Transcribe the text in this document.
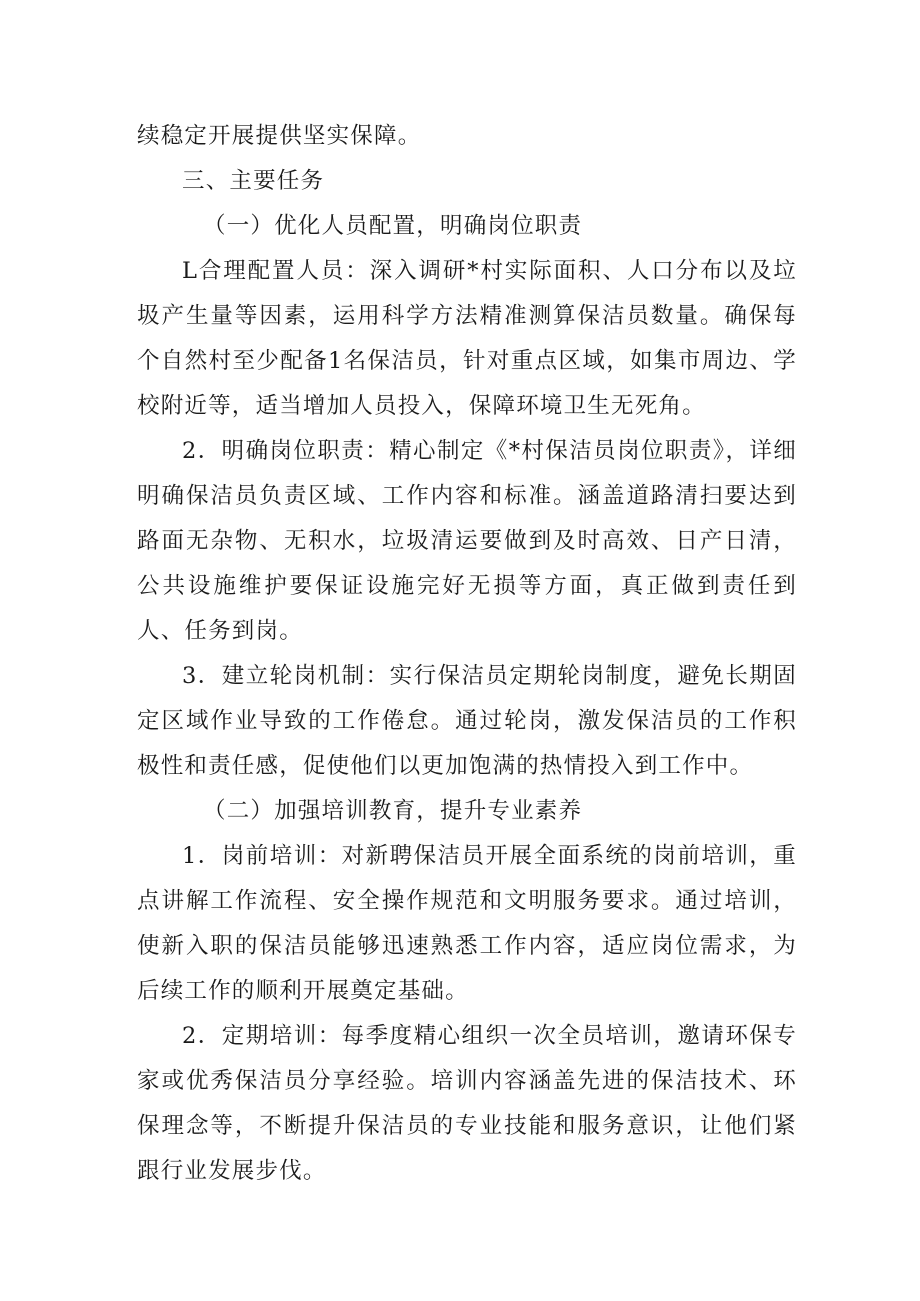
续稳定开展提供坚实保障。

三、主要任务

（一）优化人员配置，明确岗位职责

L合理配置人员：深入调研*村实际面积、人口分布以及垃圾产生量等因素，运用科学方法精准测算保洁员数量。确保每个自然村至少配备1名保洁员，针对重点区域，如集市周边、学校附近等，适当增加人员投入，保障环境卫生无死角。

2．明确岗位职责：精心制定《*村保洁员岗位职责》，详细明确保洁员负责区域、工作内容和标准。涵盖道路清扫要达到路面无杂物、无积水，垃圾清运要做到及时高效、日产日清，公共设施维护要保证设施完好无损等方面，真正做到责任到人、任务到岗。

3．建立轮岗机制：实行保洁员定期轮岗制度，避免长期固定区域作业导致的工作倦怠。通过轮岗，激发保洁员的工作积极性和责任感，促使他们以更加饱满的热情投入到工作中。

（二）加强培训教育，提升专业素养

1．岗前培训：对新聘保洁员开展全面系统的岗前培训，重点讲解工作流程、安全操作规范和文明服务要求。通过培训，使新入职的保洁员能够迅速熟悉工作内容，适应岗位需求，为后续工作的顺利开展奠定基础。

2．定期培训：每季度精心组织一次全员培训，邀请环保专家或优秀保洁员分享经验。培训内容涵盖先进的保洁技术、环保理念等，不断提升保洁员的专业技能和服务意识，让他们紧跟行业发展步伐。
